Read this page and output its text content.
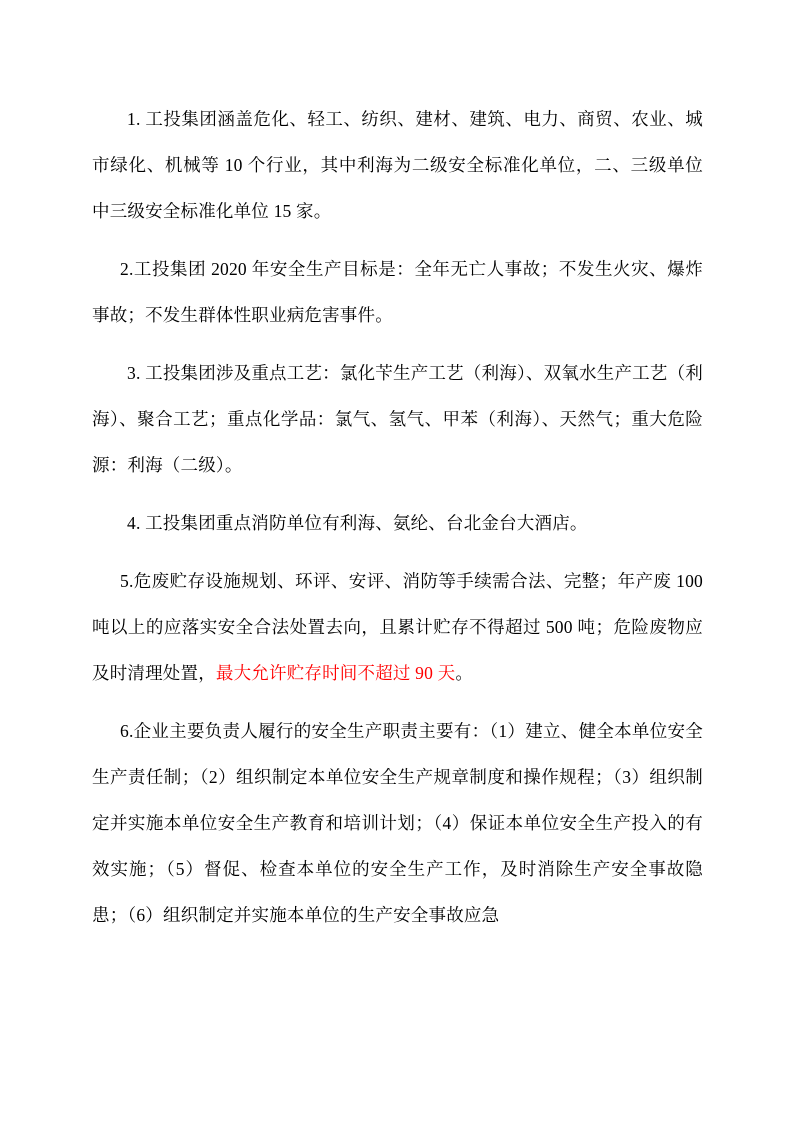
1. 工投集团涵盖危化、轻工、纺织、建材、建筑、电力、商贸、农业、城市绿化、机械等 10 个行业，其中利海为二级安全标准化单位，二、三级单位中三级安全标准化单位 15 家。

2.工投集团 2020 年安全生产目标是：全年无亡人事故；不发生火灾、爆炸事故；不发生群体性职业病危害事件。

3. 工投集团涉及重点工艺：氯化苄生产工艺（利海）、双氧水生产工艺（利海）、聚合工艺；重点化学品：氯气、氢气、甲苯（利海）、天然气；重大危险源：利海（二级）。

4. 工投集团重点消防单位有利海、氨纶、台北金台大酒店。

5.危废贮存设施规划、环评、安评、消防等手续需合法、完整；年产废 100 吨以上的应落实安全合法处置去向，且累计贮存不得超过 500 吨；危险废物应及时清理处置，最大允许贮存时间不超过 90 天。

6.企业主要负责人履行的安全生产职责主要有：（1）建立、健全本单位安全生产责任制；（2）组织制定本单位安全生产规章制度和操作规程；（3）组织制定并实施本单位安全生产教育和培训计划；（4）保证本单位安全生产投入的有效实施；（5）督促、检查本单位的安全生产工作，及时消除生产安全事故隐患；（6）组织制定并实施本单位的生产安全事故应急
